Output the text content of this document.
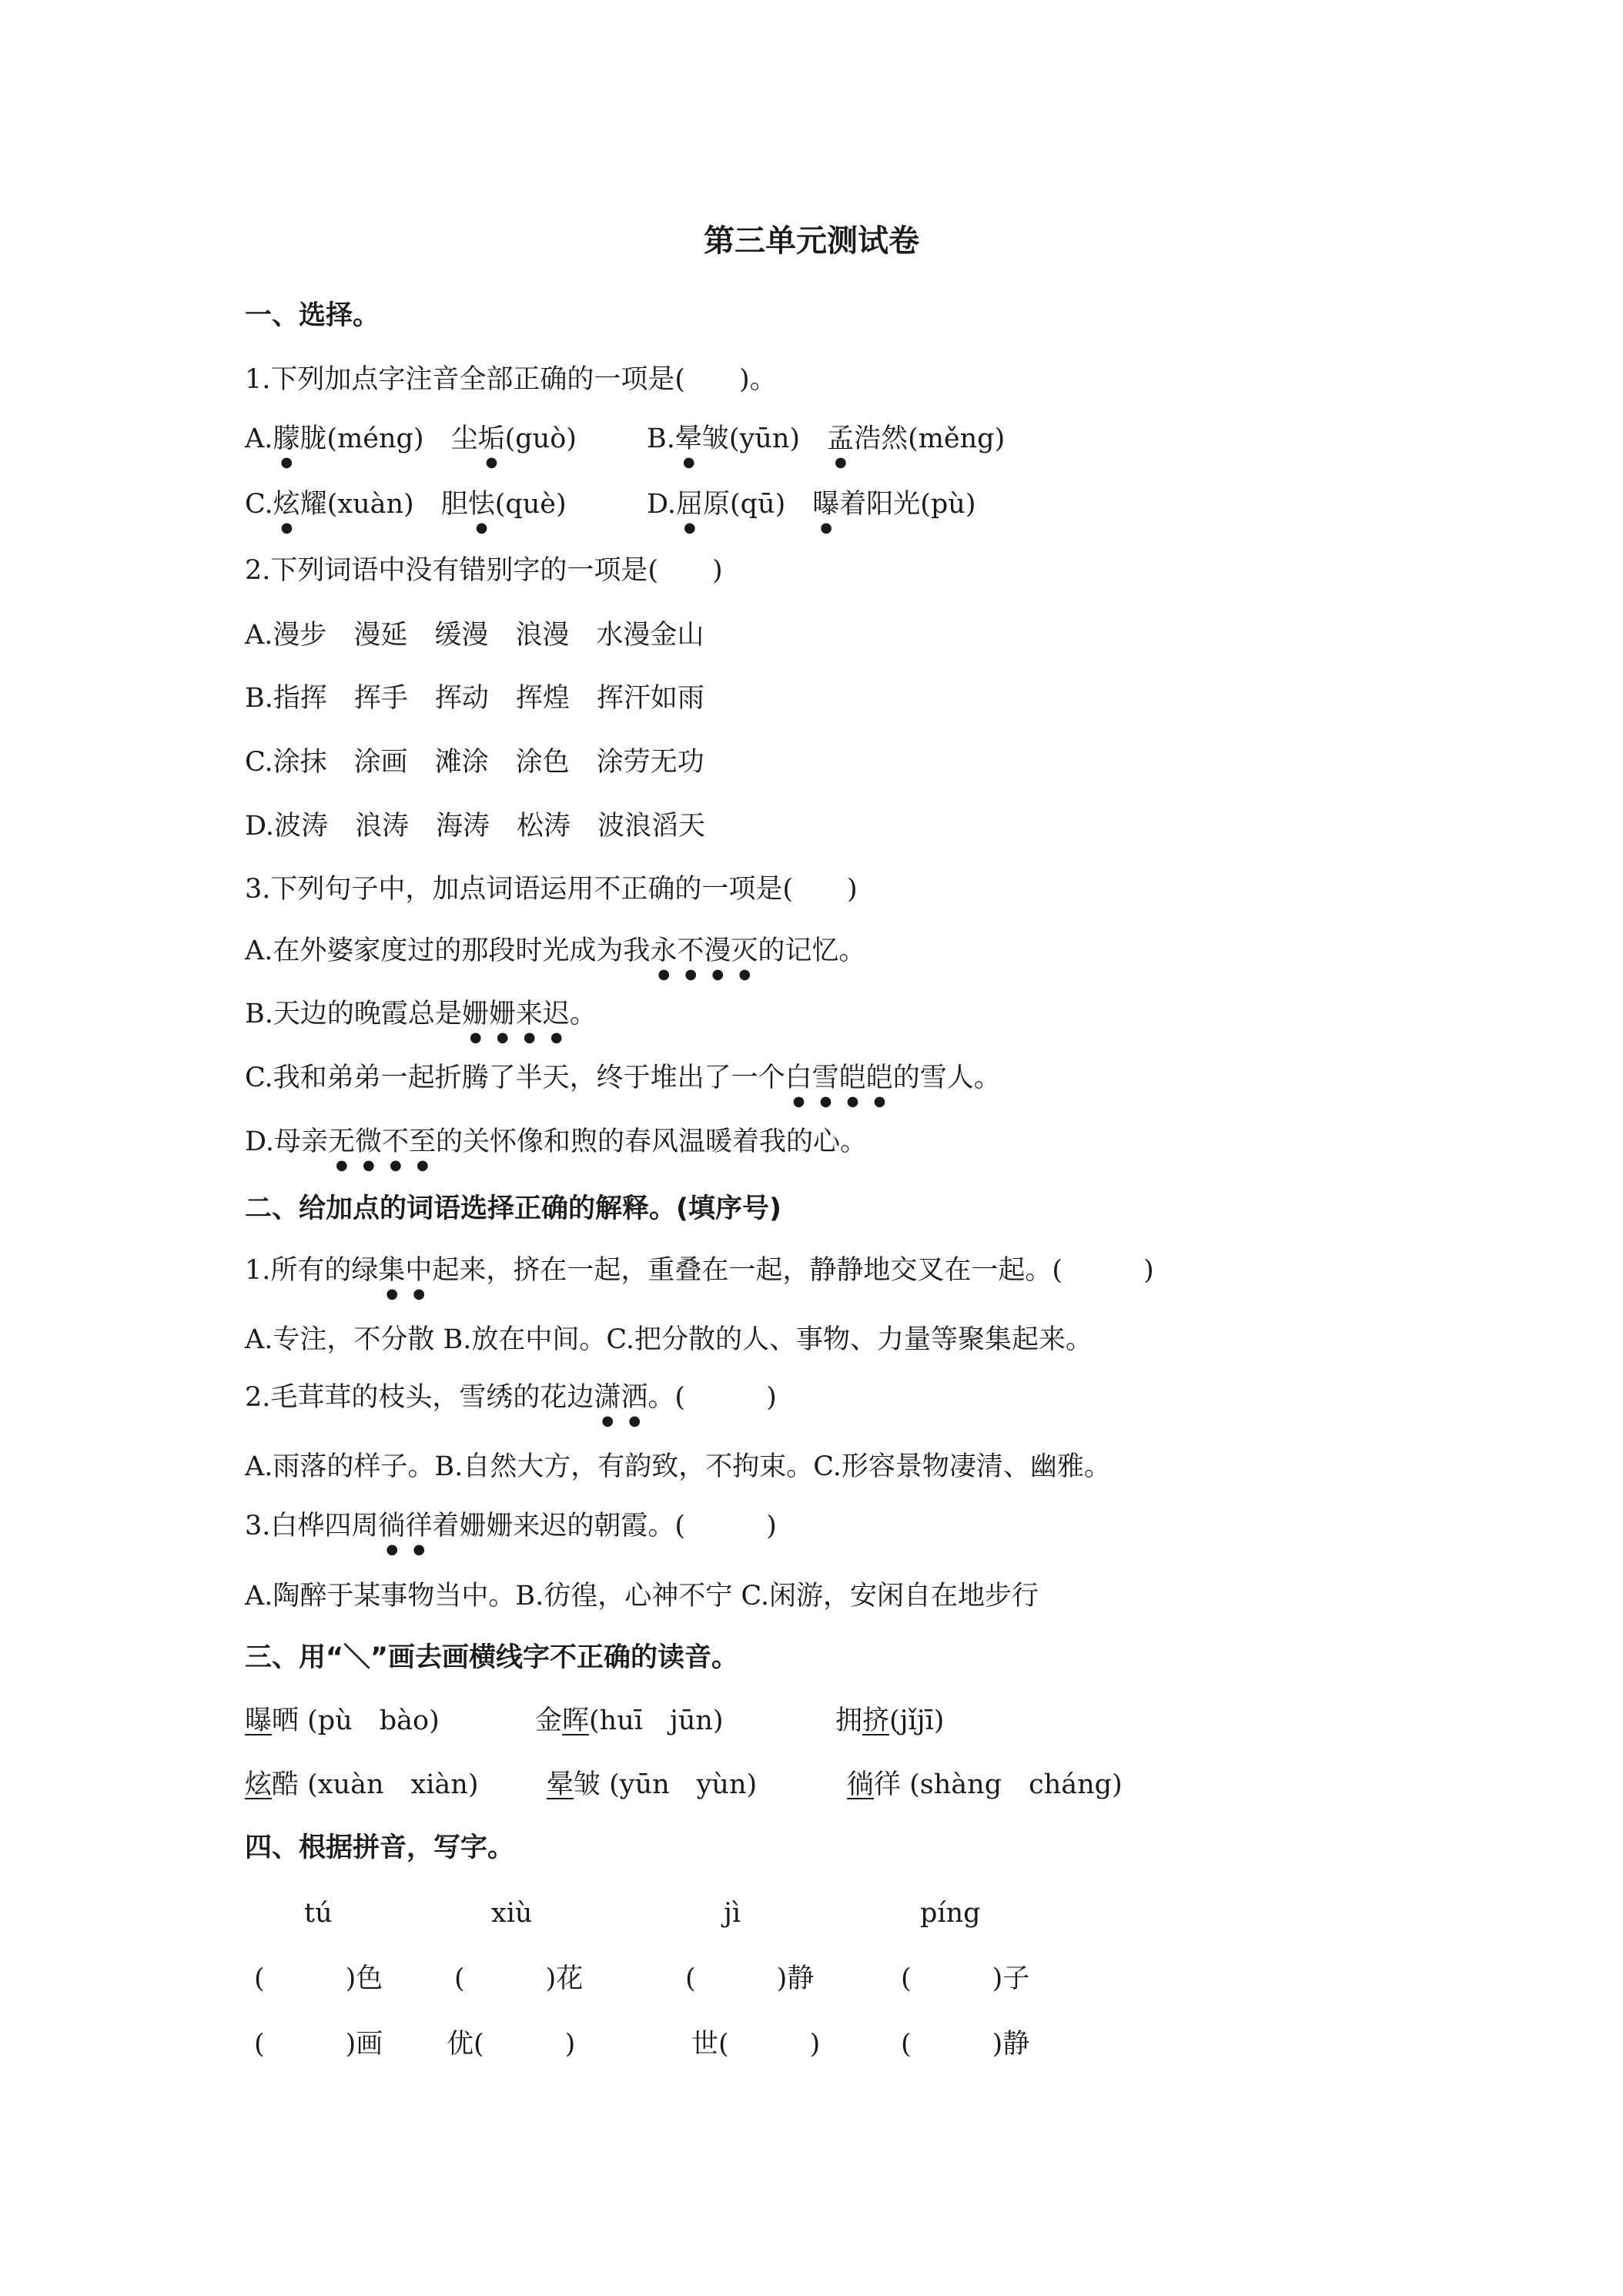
第三单元测试卷
一、选择。
1.下列加点字注音全部正确的一项是(　　)。
A.朦胧(méng)　尘垢(guò)	B.晕皱(yūn)　孟浩然(měng)
C.炫耀(xuàn)　胆怯(què)	D.屈原(qū)　曝着阳光(pù)
2.下列词语中没有错别字的一项是(　　)
A.漫步　漫延　缓漫　浪漫　水漫金山
B.指挥　挥手　挥动　挥煌　挥汗如雨
C.涂抹　涂画　滩涂　涂色　涂劳无功
D.波涛　浪涛　海涛　松涛　波浪滔天
3.下列句子中，加点词语运用不正确的一项是(　　)
A.在外婆家度过的那段时光成为我永不漫灭的记忆。
B.天边的晚霞总是姗姗来迟。
C.我和弟弟一起折腾了半天，终于堆出了一个白雪皑皑的雪人。
D.母亲无微不至的关怀像和煦的春风温暖着我的心。
二、给加点的词语选择正确的解释。(填序号)
1.所有的绿集中起来，挤在一起，重叠在一起，静静地交叉在一起。(　　　)
A.专注，不分散 B.放在中间。C.把分散的人、事物、力量等聚集起来。
2.毛茸茸的枝头，雪绣的花边潇洒。(　　　)
A.雨落的样子。B.自然大方，有韵致，不拘束。C.形容景物凄清、幽雅。
3.白桦四周徜徉着姗姗来迟的朝霞。(　　　)
A.陶醉于某事物当中。B.彷徨，心神不宁 C.闲游，安闲自在地步行
三、用“＼”画去画横线字不正确的读音。
曝晒 (pù　bào)	金晖(huī　jūn)	拥挤(jǐjī)
炫酷 (xuàn　xiàn)	晕皱 (yūn　yùn)	徜徉 (shàng　cháng)
四、根据拼音，写字。
tú	xiù	jì	píng
(　　　)色	(　　　)花	(　　　)静	(　　　)子
(　　　)画 优(　　　)	世(　　　)	(　　　)静
